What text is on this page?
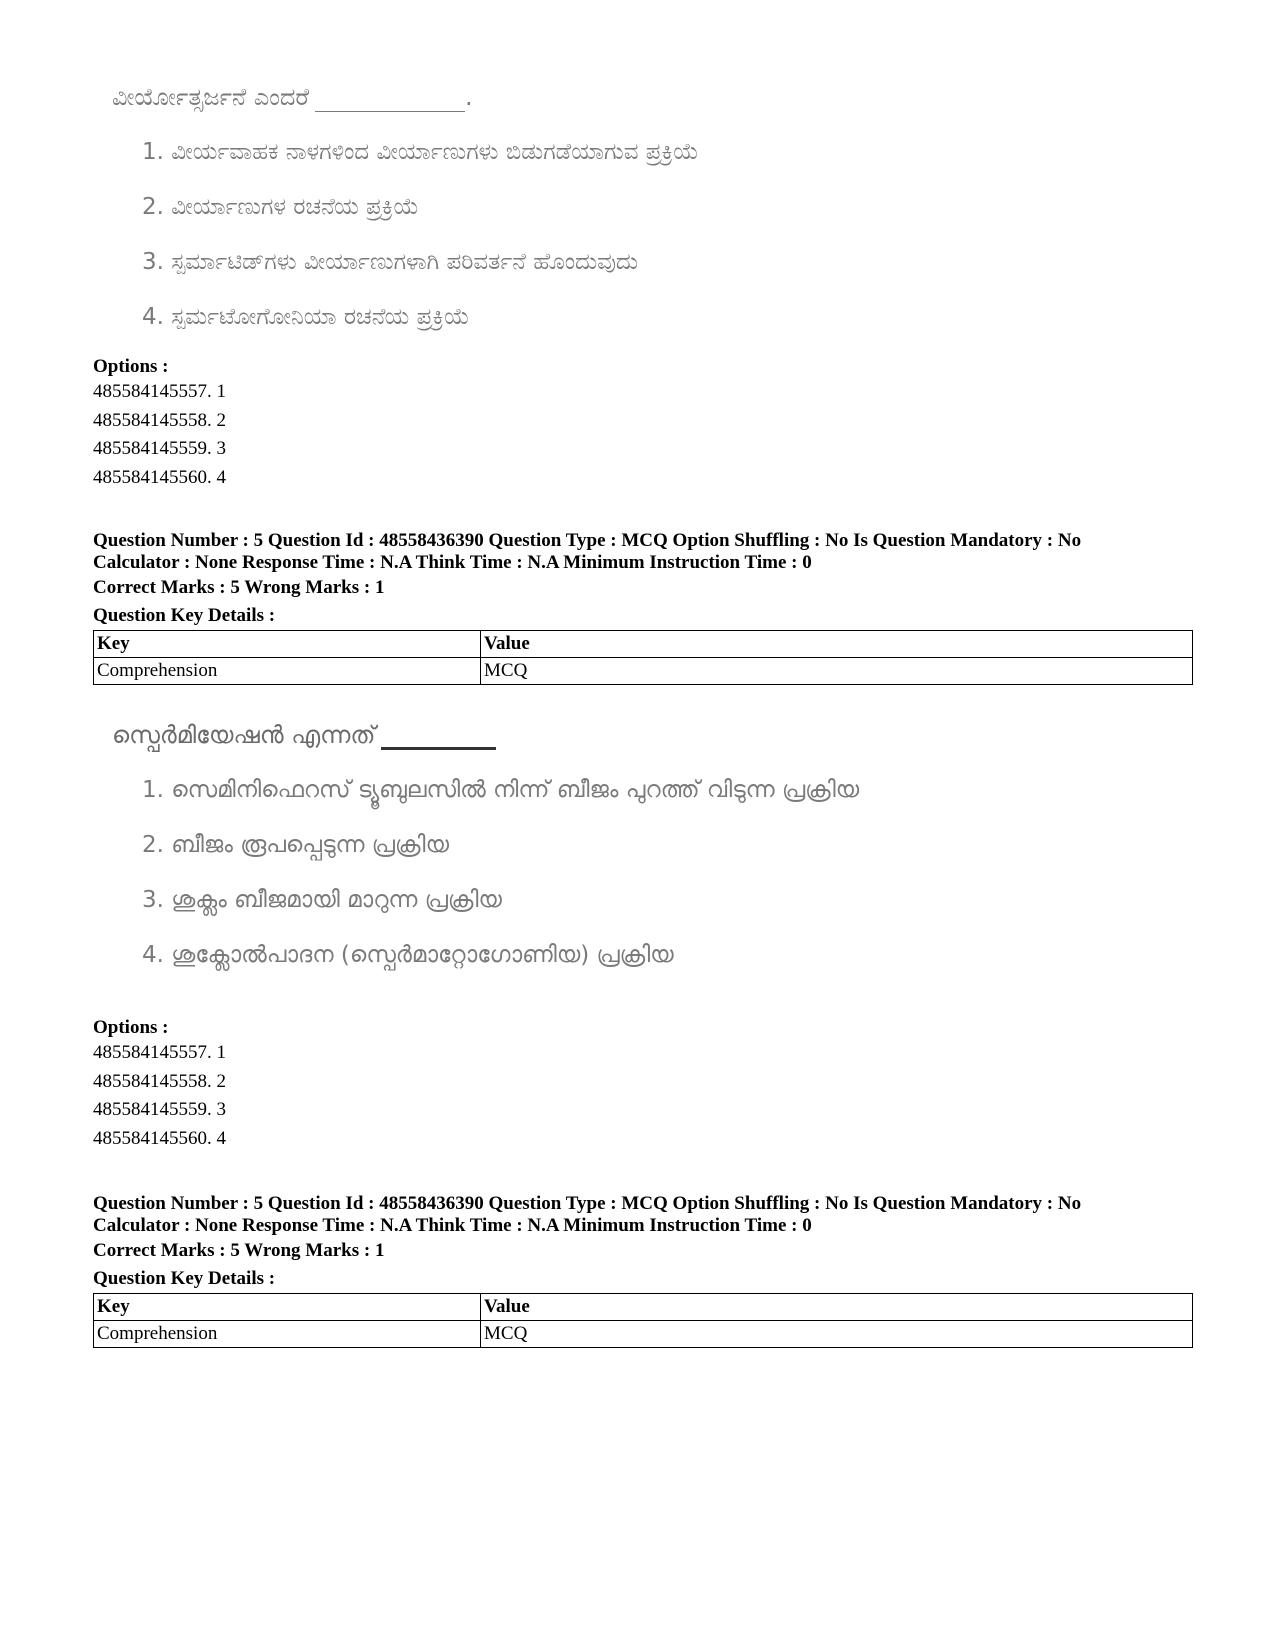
ವೀರ್ಯೋತ್ಸರ್ಜನೆ ಎಂದರೆ	.
1. ವೀರ್ಯವಾಹಕ ನಾಳಗಳಿಂದ ವೀರ್ಯಾಣುಗಳು ಬಿಡುಗಡೆಯಾಗುವ ಪ್ರಕ್ರಿಯೆ
2. ವೀರ್ಯಾಣುಗಳ ರಚನೆಯ ಪ್ರಕ್ರಿಯೆ
3. ಸ್ಪರ್ಮಾಟಿಡ್‌ಗಳು ವೀರ್ಯಾಣುಗಳಾಗಿ ಪರಿವರ್ತನೆ ಹೊಂದುವುದು
4. ಸ್ಪರ್ಮಟೋಗೋನಿಯಾ ರಚನೆಯ ಪ್ರಕ್ರಿಯೆ
Options :
485584145557. 1
485584145558. 2
485584145559. 3
485584145560. 4
Question Number : 5 Question Id : 48558436390 Question Type : MCQ Option Shuffling : No Is Question Mandatory : No
Calculator : None Response Time : N.A Think Time : N.A Minimum Instruction Time : 0
Correct Marks : 5 Wrong Marks : 1
Question Key Details :
Key	Value
Comprehension	MCQ
സ്പെർമിയേഷൻ എന്നത്
1. സെമിനിഫെറസ് ട്യൂബുലസിൽ നിന്ന് ബീജം പുറത്ത് വിടുന്ന പ്രക്രിയ
2. ബീജം രൂപപ്പെടുന്ന പ്രക്രിയ
3. ശുക്ലം ബീജമായി മാറുന്ന പ്രക്രിയ
4. ശുക്ലോൽപാദന (സ്പെർമാറ്റോഗോണിയ) പ്രക്രിയ
Options :
485584145557. 1
485584145558. 2
485584145559. 3
485584145560. 4
Question Number : 5 Question Id : 48558436390 Question Type : MCQ Option Shuffling : No Is Question Mandatory : No
Calculator : None Response Time : N.A Think Time : N.A Minimum Instruction Time : 0
Correct Marks : 5 Wrong Marks : 1
Question Key Details :
Key	Value
Comprehension	MCQ
